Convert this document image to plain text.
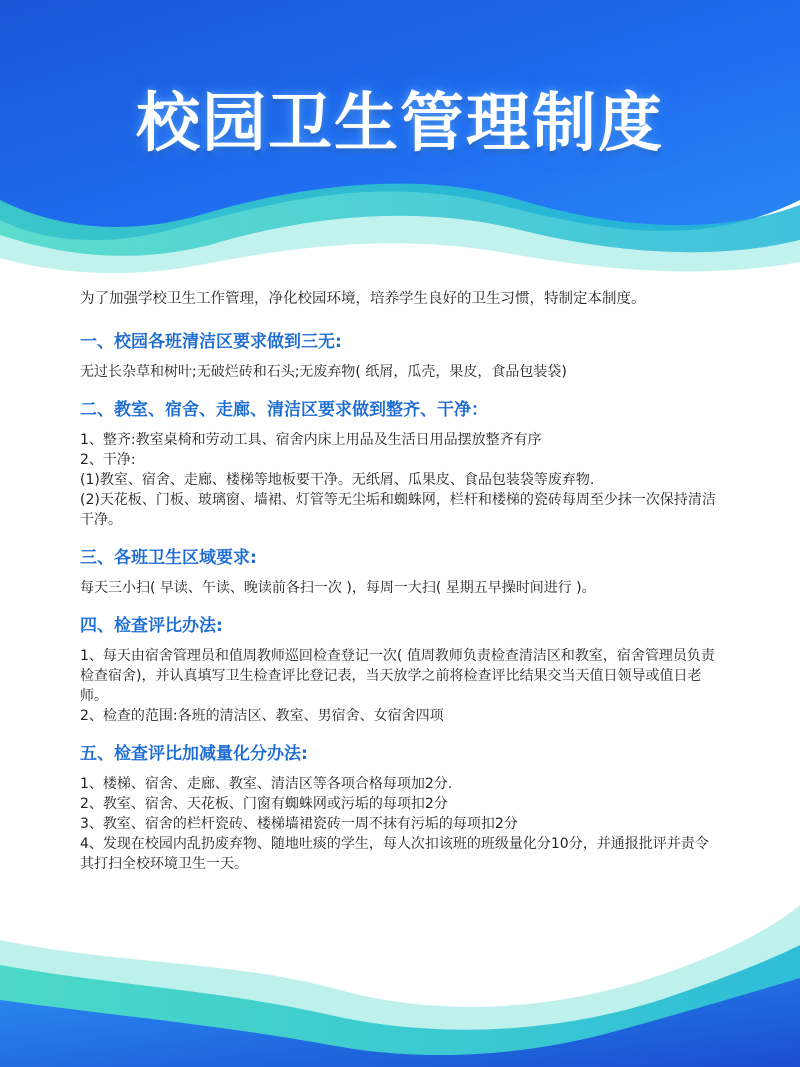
校园卫生管理制度

为了加强学校卫生工作管理，净化校园环境，培养学生良好的卫生习惯，特制定本制度。

一、校园各班清洁区要求做到三无:
无过长杂草和树叶;无破烂砖和石头;无废弃物( 纸屑，瓜壳，果皮，食品包装袋)
二、教室、宿舍、走廊、清洁区要求做到整齐、干净：
1、整齐:教室桌椅和劳动工具、宿舍内床上用品及生活日用品摆放整齐有序
2、干净:
(1)教室、宿舍、走廊、楼梯等地板要干净。无纸屑、瓜果皮、食品包装袋等废弃物.
(2)天花板、门板、玻璃窗、墙裙、灯管等无尘垢和蜘蛛网，栏杆和楼梯的瓷砖每周至少抹一次保持清洁干净。
三、各班卫生区域要求:
每天三小扫( 早读、午读、晚读前各扫一次 )，每周一大扫( 星期五早操时间进行 )。
四、检查评比办法:
1、每天由宿舍管理员和值周教师巡回检查登记一次( 值周教师负责检查清洁区和教室，宿舍管理员负责检查宿舍)，并认真填写卫生检查评比登记表，当天放学之前将检查评比结果交当天值日领导或值日老师。
2、检查的范围:各班的清洁区、教室、男宿舍、女宿舍四项
五、检查评比加减量化分办法:
1、楼梯、宿舍、走廊、教室、清洁区等各项合格每项加2分.
2、教室、宿舍、天花板、门窗有蜘蛛网或污垢的每项扣2分
3、教室、宿舍的栏杆瓷砖、楼梯墙裙瓷砖一周不抹有污垢的每项扣2分
4、发现在校园内乱扔废弃物、随地吐痰的学生，每人次扣该班的班级量化分10分，并通报批评并责令其打扫全校环境卫生一天。
